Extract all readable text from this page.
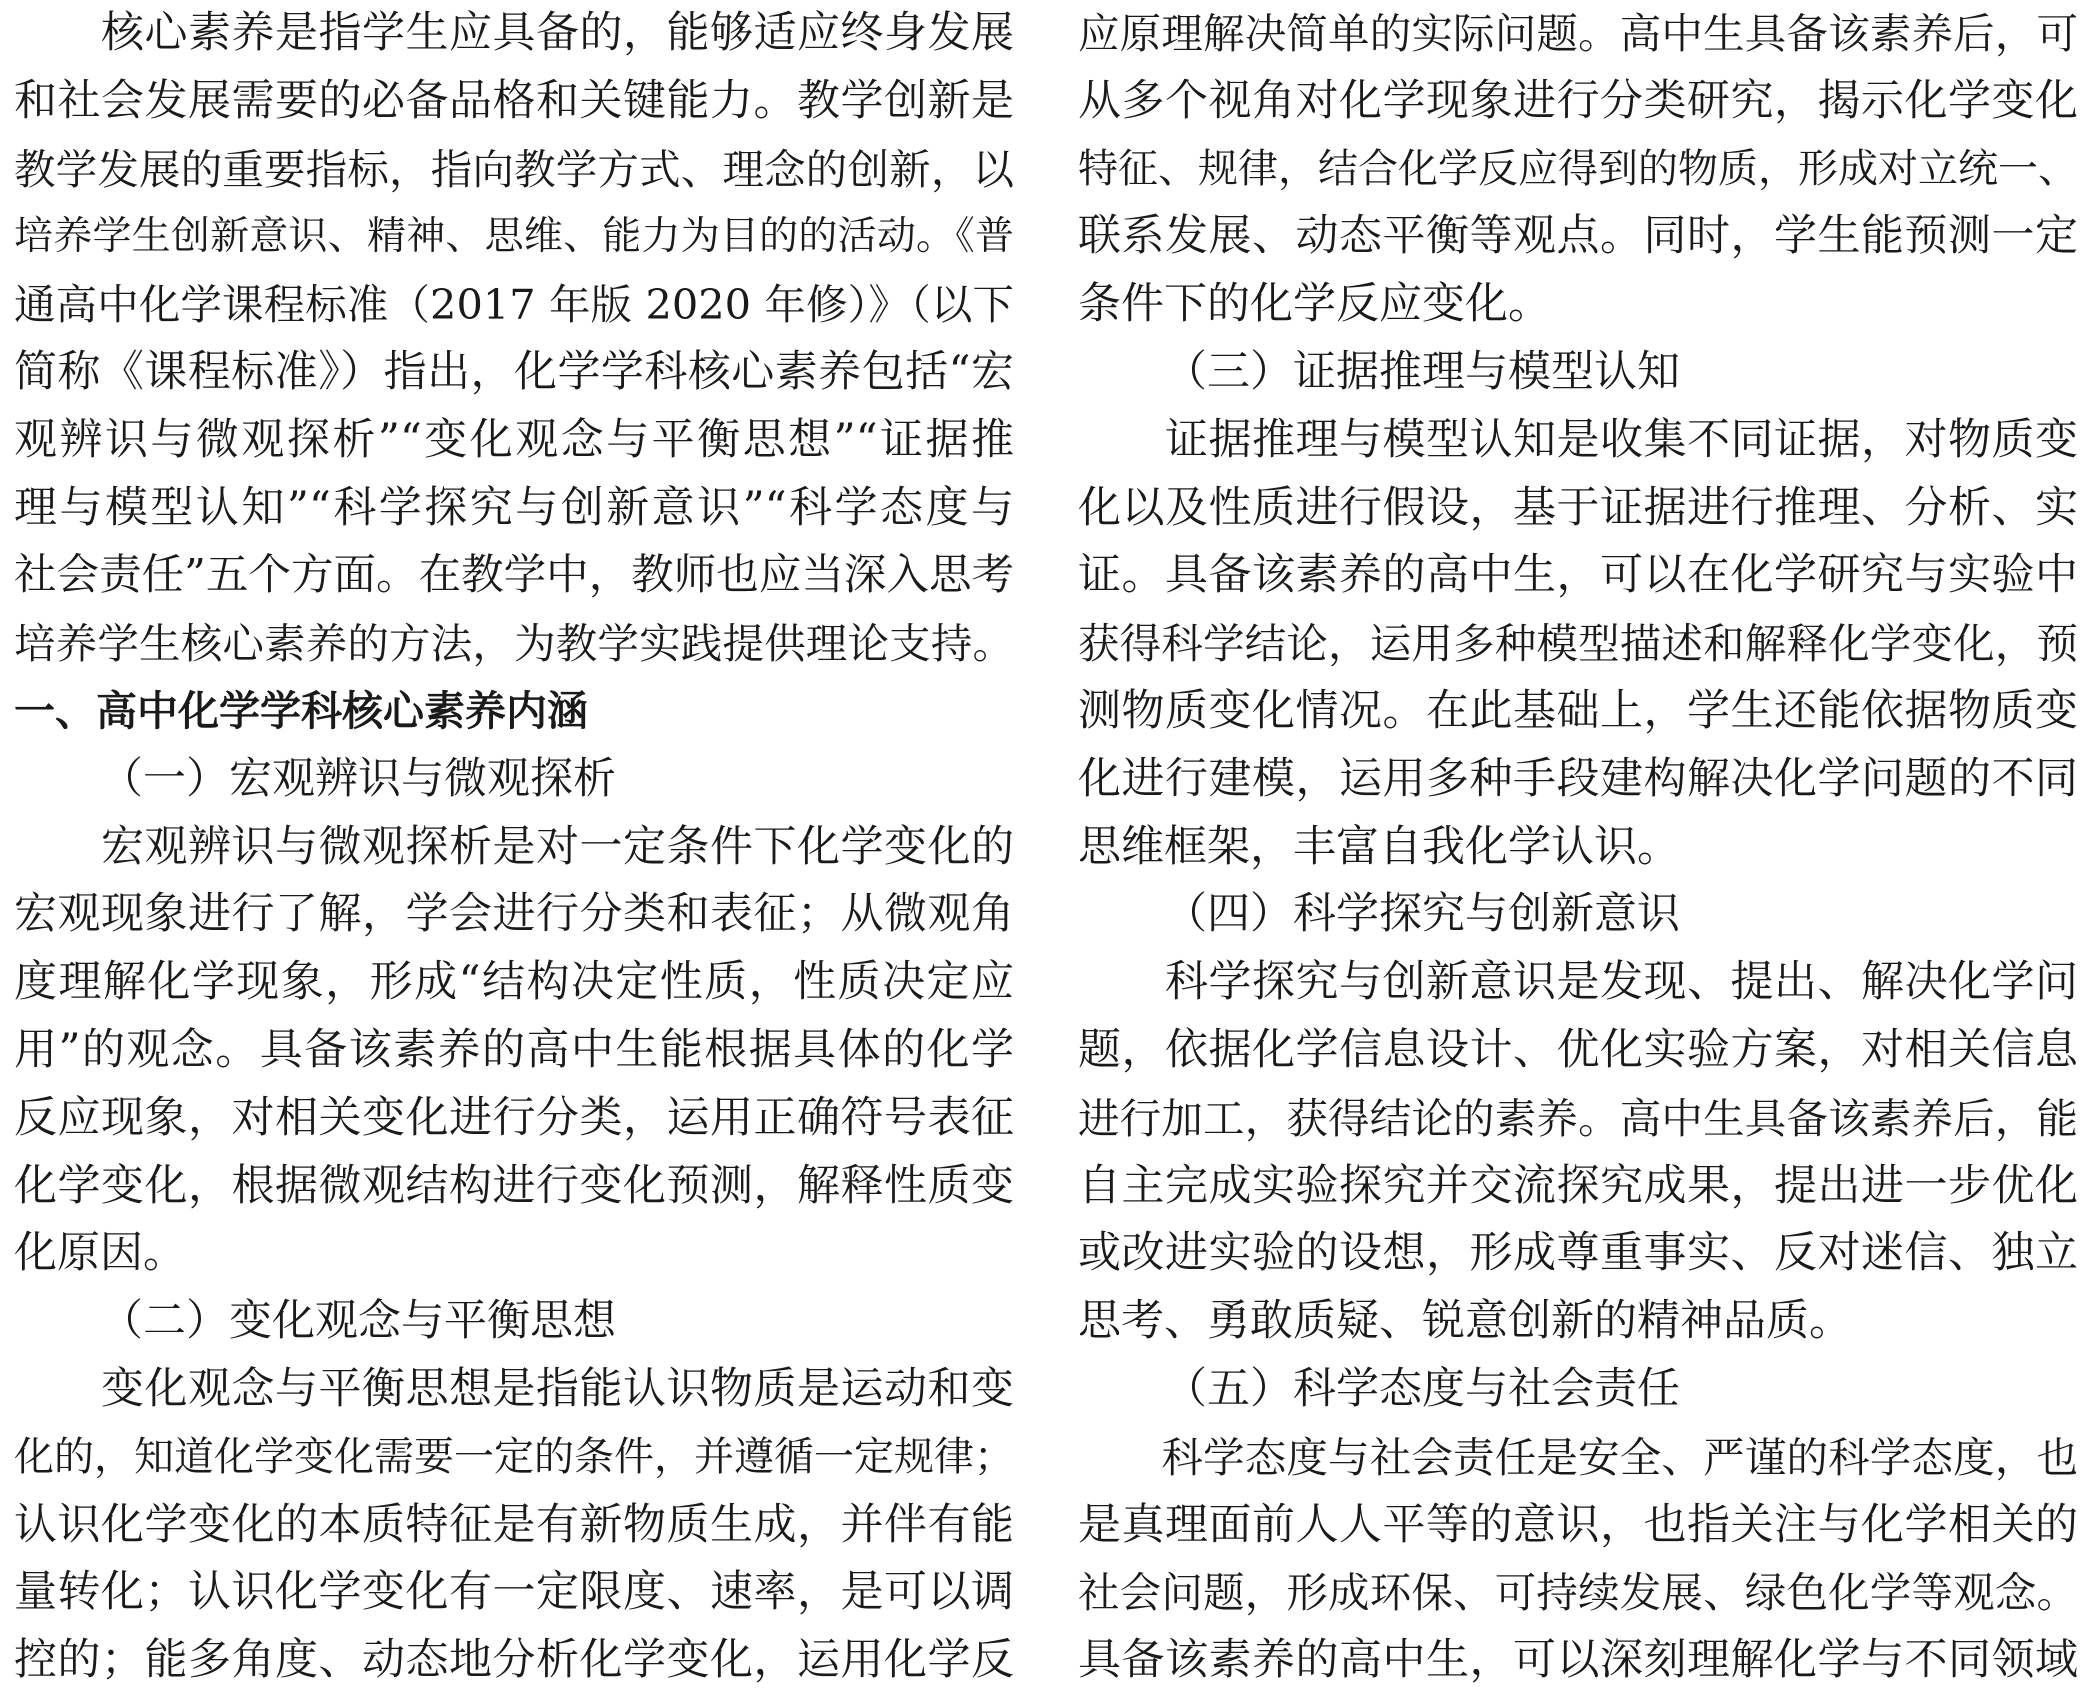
　　核心素养是指学生应具备的，能够适应终身发展
和社会发展需要的必备品格和关键能力。教学创新是
教学发展的重要指标，指向教学方式、理念的创新，以
培养学生创新意识、精神、思维、能力为目的的活动。《普
通高中化学课程标准（2017 年版 2020 年修）》（以下
简称《课程标准》）指出，化学学科核心素养包括“宏
观辨识与微观探析”“变化观念与平衡思想”“证据推
理与模型认知”“科学探究与创新意识”“科学态度与
社会责任”五个方面。在教学中，教师也应当深入思考
培养学生核心素养的方法，为教学实践提供理论支持。
一、高中化学学科核心素养内涵
（一）宏观辨识与微观探析
　　宏观辨识与微观探析是对一定条件下化学变化的
宏观现象进行了解，学会进行分类和表征；从微观角
度理解化学现象，形成“结构决定性质，性质决定应
用”的观念。具备该素养的高中生能根据具体的化学
反应现象，对相关变化进行分类，运用正确符号表征
化学变化，根据微观结构进行变化预测，解释性质变
化原因。
（二）变化观念与平衡思想
　　变化观念与平衡思想是指能认识物质是运动和变
化的，知道化学变化需要一定的条件，并遵循一定规律；
认识化学变化的本质特征是有新物质生成，并伴有能
量转化；认识化学变化有一定限度、速率，是可以调
控的；能多角度、动态地分析化学变化，运用化学反
应原理解决简单的实际问题。高中生具备该素养后，可
从多个视角对化学现象进行分类研究，揭示化学变化
特征、规律，结合化学反应得到的物质，形成对立统一、
联系发展、动态平衡等观点。同时，学生能预测一定
条件下的化学反应变化。
（三）证据推理与模型认知
　　证据推理与模型认知是收集不同证据，对物质变
化以及性质进行假设，基于证据进行推理、分析、实
证。具备该素养的高中生，可以在化学研究与实验中
获得科学结论，运用多种模型描述和解释化学变化，预
测物质变化情况。在此基础上，学生还能依据物质变
化进行建模，运用多种手段建构解决化学问题的不同
思维框架，丰富自我化学认识。
（四）科学探究与创新意识
　　科学探究与创新意识是发现、提出、解决化学问
题，依据化学信息设计、优化实验方案，对相关信息
进行加工，获得结论的素养。高中生具备该素养后，能
自主完成实验探究并交流探究成果，提出进一步优化
或改进实验的设想，形成尊重事实、反对迷信、独立
思考、勇敢质疑、锐意创新的精神品质。
（五）科学态度与社会责任
　　科学态度与社会责任是安全、严谨的科学态度，也
是真理面前人人平等的意识，也指关注与化学相关的
社会问题，形成环保、可持续发展、绿色化学等观念。
具备该素养的高中生，可以深刻理解化学与不同领域
